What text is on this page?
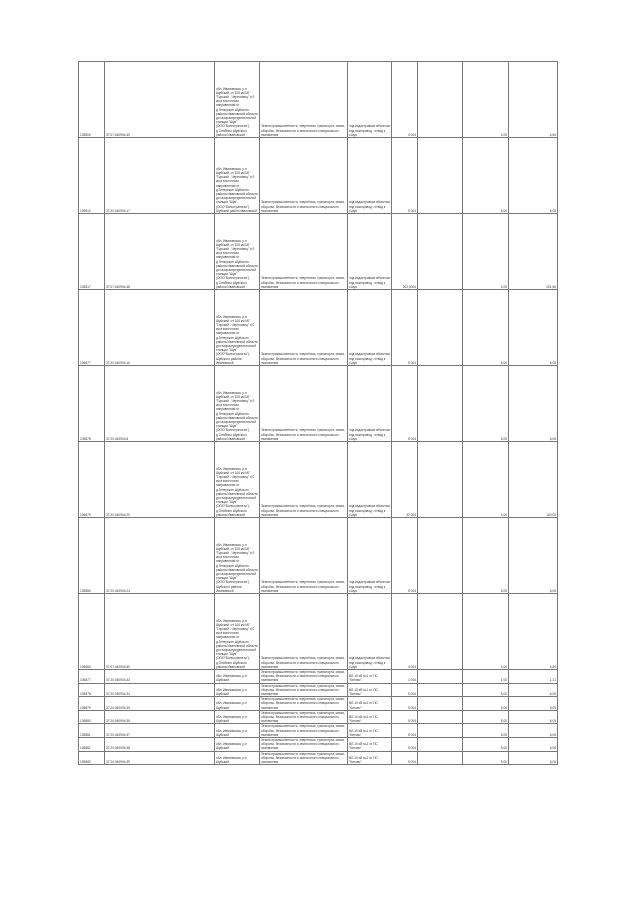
105800	37:07:040904:49	обл. Ивановская, р-н Шуйский, от 105 км МГ "Горький - Череповец" d 0 км в восточном направлении от д.Генерское Шуйского района Ивановской области до газораспределительной станции "Шуя" (ООО"Волготрансгаз"), д.Олябино Шуйского района Ивановской	Земли промышленности, энергетики, транспорта, связи, обороны, безопасности и земли иного специального назначения	под кадастровым объектом под газопровод - отвод к г.Шуя	4 004		4,00	4,84
105810	37:20:040904:17	обл. Ивановская, р-н Шуйский, от 105 км МГ "Горький - Череповец" d 0 км в восточном направлении от д.Генерское Шуйского района Ивановской области до газораспределительной станции "Шуя" (ООО"Волготрансгаз"), Шуйский район Ивановской	Земли промышленности, энергетики, транспорта, связи, обороны, безопасности и земли иного специального назначения	под кадастровым объектом под газопровод - отвод к г.Шуя	5 004		5,00	6,05
105817	37:07:040904:48	обл. Ивановская, р-н Шуйский, от 105 км МГ "Горький - Череповец" d 0 км в восточном направлении от д.Генерское Шуйского района Ивановской области до газораспределительной станции "Шуя" (ООО"Волготрансгаз"), д.Олябино Шуйского района Ивановской	Земли промышленности, энергетики, транспорта, связи, обороны, безопасности и земли иного специального назначения	под кадастровым объектом под газопровод - отвод к г.Шуя	202,0004		4,00	201,56
105877	37:20:040904:16	обл. Ивановская, р-н Шуйский, от 105 км МГ "Горький - Череповец" d 0 км в восточном направлении от д.Генерское Шуйского района Ивановской области до газораспределительной станции "Шуя" (ООО"Волготрансгаз"), Шуйского района Ивановской	Земли промышленности, энергетики, транспорта, связи, обороны, безопасности и земли иного специального назначения	под кадастровым объектом под газопровод - отвод к г.Шуя	5 004		5,00	6,05
105878	37:20:040904:8	обл. Ивановская, р-н Шуйский, от 105 км МГ "Горький - Череповец" d 0 км в восточном направлении от д.Генерское Шуйского района Ивановской области до газораспределительной станции "Шуя" (ООО"Волготрансгаз"), д.Олябино Шуйского района Ивановской	Земли промышленности, энергетики, транспорта, связи, обороны, безопасности и земли иного специального назначения	под кадастровым объектом под газопровод - отвод к г.Шуя	5 004		5,00	6,05
105879	37:20:040904:20	обл. Ивановская, р-н Шуйский, от 105 км МГ "Горький - Череповец" d 0 км в восточном направлении от д.Генерское Шуйского района Ивановской области до газораспределительной станции "Шуя" (ООО"Волготрансгаз"), д.Олябино Шуйского района Ивановской	Земли промышленности, энергетики, транспорта, связи, обороны, безопасности и земли иного специального назначения	под кадастровым объектом под газопровод - отвод к г.Шуя	32 004		4,00	100,00
105880	37:20:040904:24	обл. Ивановская, р-н Шуйский, от 105 км МГ "Горький - Череповец" d 0 км в восточном направлении от д.Генерское Шуйского района Ивановской области до газораспределительной станции "Шуя" (ООО"Волготрансгаз"), Шуйского района Ивановской	Земли промышленности, энергетики, транспорта, связи, обороны, безопасности и земли иного специального назначения	под кадастровым объектом под газопровод - отвод к г.Шуя	5 004		5,00	6,05
105884	37:07:040904:50	обл. Ивановская, р-н Шуйский, от 105 км МГ "Горький - Череповец" d 0 км в восточном направлении от д.Генерское Шуйского района Ивановской области до газораспределительной станции "Шуя" (ООО"Волготрансгаз"), д.Олябино Шуйского района Ивановской	Земли промышленности, энергетики, транспорта, связи, обороны, безопасности и земли иного специального назначения	под кадастровым объектом под газопровод - отвод к г.Шуя	4 004		4,00	4,84
105877	37:20:040904:33	обл. Ивановская, р-н Шуйский	Земли промышленности, энергетики, транспорта, связи, обороны, безопасности и земли иного специального назначения	ВЛ-10 кВ №1 от ПС "Китово"	1 004		1,00	1,21
105878	37:20:040904:34	обл. Ивановская, р-н Шуйский	Земли промышленности, энергетики, транспорта, связи, обороны, безопасности и земли иного специального назначения	ВЛ-10 кВ №1 от ПС "Китово"	5 004		5,00	6,05
105879	37:20:040904:35	обл. Ивановская, р-н Шуйский	Земли промышленности, энергетики, транспорта, связи, обороны, безопасности и земли иного специального назначения	ВЛ-10 кВ №1 от ПС "Китово"	5 004		5,00	6,05
105880	37:20:040904:36	обл. Ивановская, р-н Шуйский	Земли промышленности, энергетики, транспорта, связи, обороны, безопасности и земли иного специального назначения	ВЛ-10 кВ №1 от ПС "Китово"	5 004		5,00	6,05
105881	37:20:040904:37	обл. Ивановская, р-н Шуйский	Земли промышленности, энергетики, транспорта, связи, обороны, безопасности и земли иного специального назначения	ВЛ-10 кВ №1 от ПС "Китово"	5 004		5,00	6,05
105882	37:20:040904:38	обл. Ивановская, р-н Шуйский	Земли промышленности, энергетики, транспорта, связи, обороны, безопасности и земли иного специального назначения	ВЛ-10 кВ №1 от ПС "Китово"	5 004		5,00	6,05
105883	37:20:040904:39	обл. Ивановская, р-н Шуйский	Земли промышленности, энергетики, транспорта, связи, обороны, безопасности и земли иного специального назначения	ВЛ-10 кВ №1 от ПС "Китово"	5 004		5,00	6,05
